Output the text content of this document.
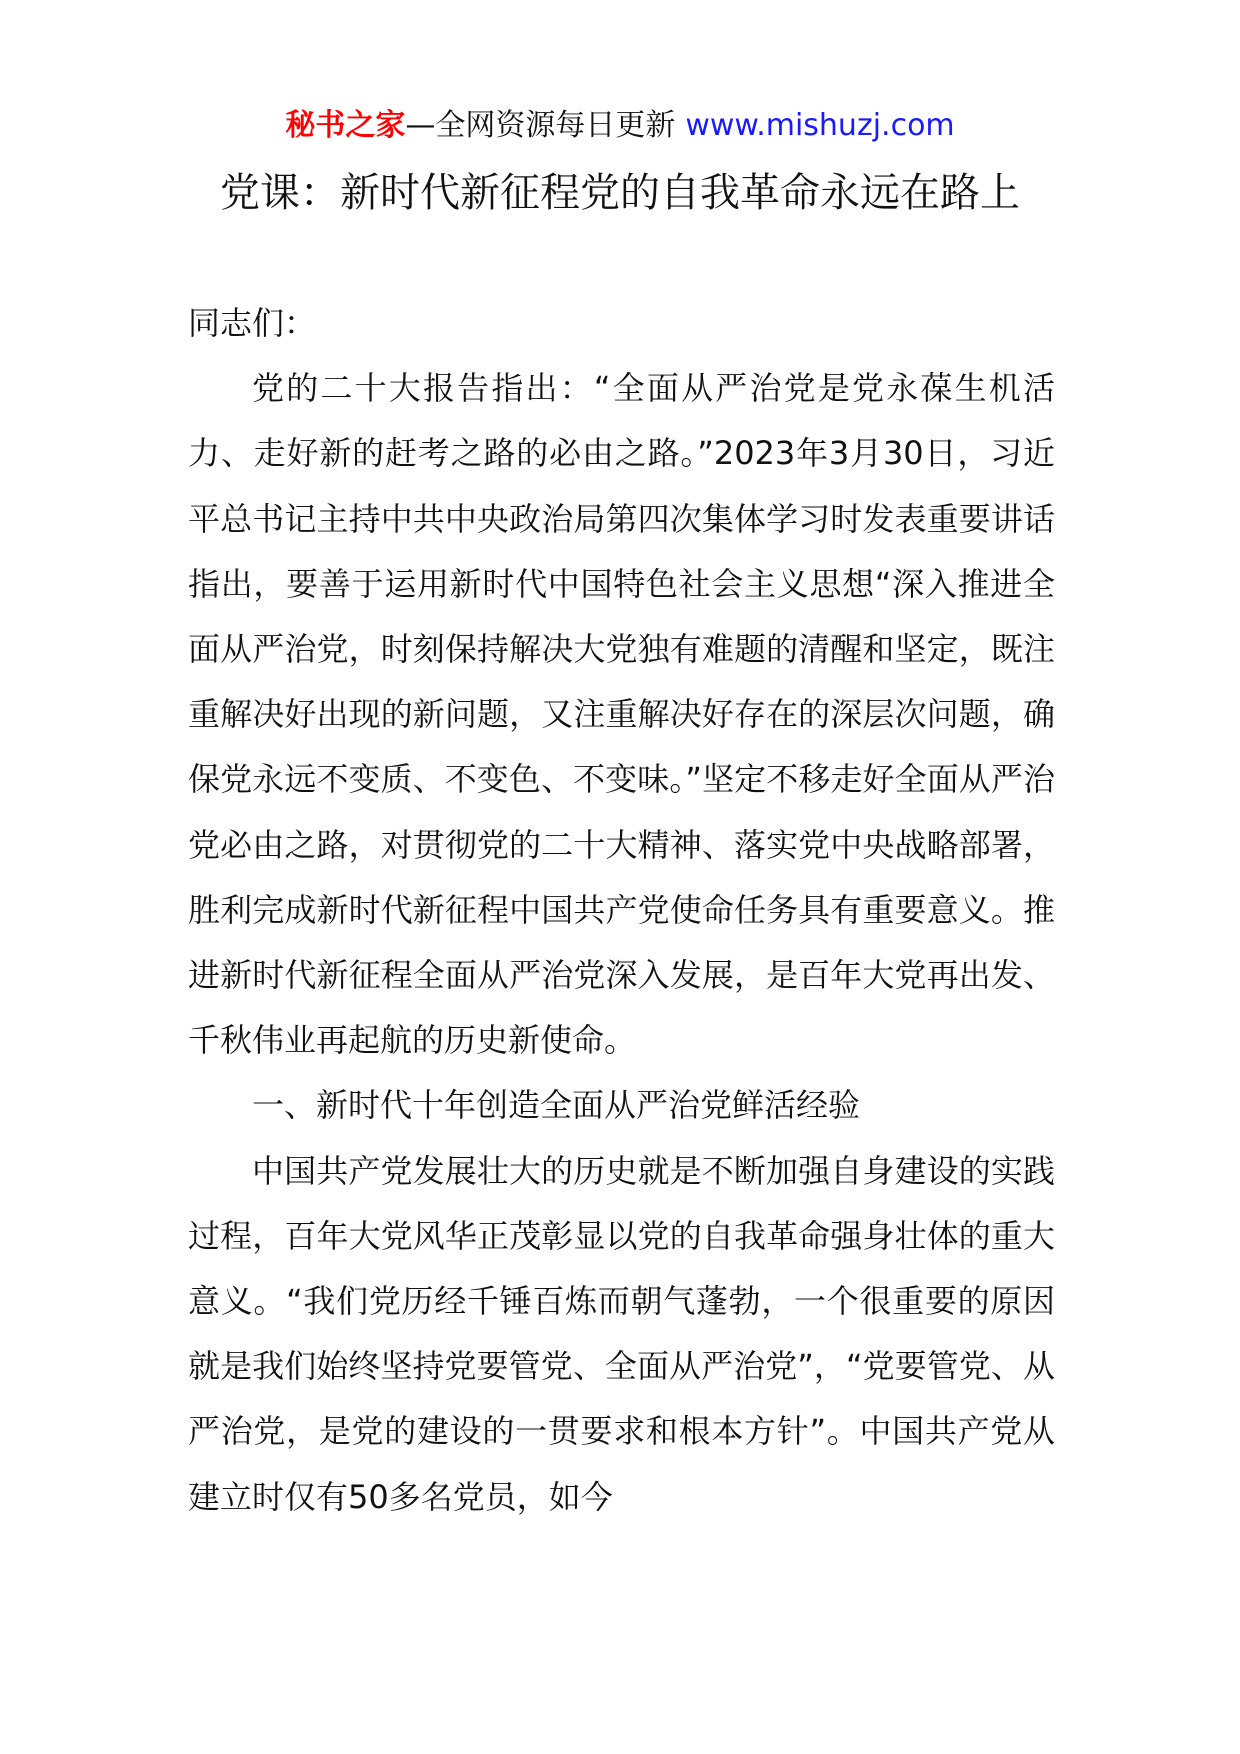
秘书之家—全网资源每日更新 www.mishuzj.com
党课：新时代新征程党的自我革命永远在路上

同志们：

党的二十大报告指出：“全面从严治党是党永葆生机活力、走好新的赶考之路的必由之路。”2023年3月30日，习近平总书记主持中共中央政治局第四次集体学习时发表重要讲话指出，要善于运用新时代中国特色社会主义思想“深入推进全面从严治党，时刻保持解决大党独有难题的清醒和坚定，既注重解决好出现的新问题，又注重解决好存在的深层次问题，确保党永远不变质、不变色、不变味。”坚定不移走好全面从严治党必由之路，对贯彻党的二十大精神、落实党中央战略部署，胜利完成新时代新征程中国共产党使命任务具有重要意义。推进新时代新征程全面从严治党深入发展，是百年大党再出发、千秋伟业再起航的历史新使命。

一、新时代十年创造全面从严治党鲜活经验

中国共产党发展壮大的历史就是不断加强自身建设的实践过程，百年大党风华正茂彰显以党的自我革命强身壮体的重大意义。“我们党历经千锤百炼而朝气蓬勃，一个很重要的原因就是我们始终坚持党要管党、全面从严治党”，“党要管党、从严治党，是党的建设的一贯要求和根本方针”。中国共产党从建立时仅有50多名党员，如今
